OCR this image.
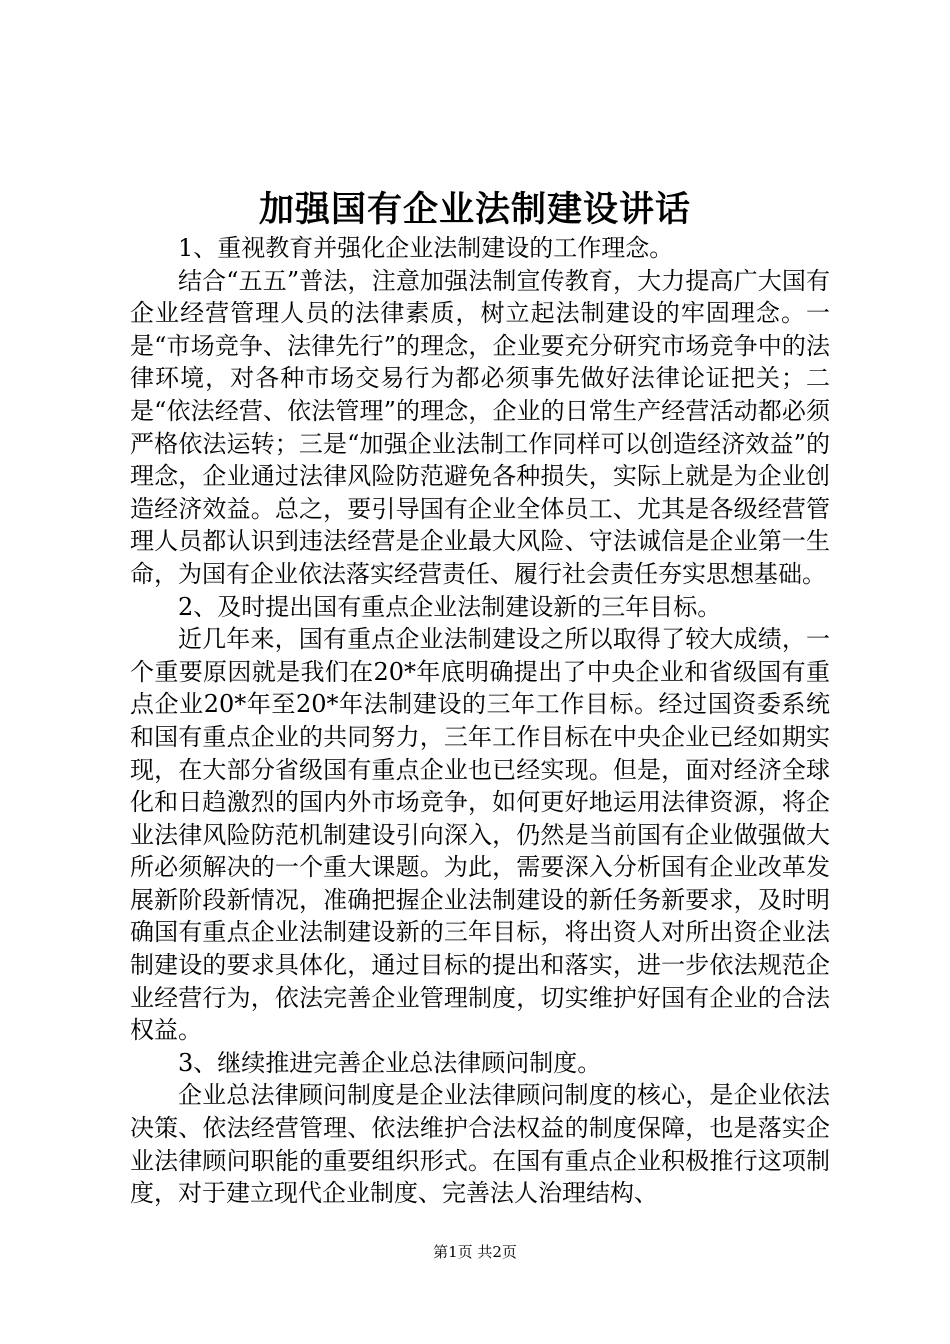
加强国有企业法制建设讲话

1、重视教育并强化企业法制建设的工作理念。

结合“五五”普法，注意加强法制宣传教育，大力提高广大国有企业经营管理人员的法律素质，树立起法制建设的牢固理念。一是“市场竞争、法律先行”的理念，企业要充分研究市场竞争中的法律环境，对各种市场交易行为都必须事先做好法律论证把关；二是“依法经营、依法管理”的理念，企业的日常生产经营活动都必须严格依法运转；三是“加强企业法制工作同样可以创造经济效益”的理念，企业通过法律风险防范避免各种损失，实际上就是为企业创造经济效益。总之，要引导国有企业全体员工、尤其是各级经营管理人员都认识到违法经营是企业最大风险、守法诚信是企业第一生命，为国有企业依法落实经营责任、履行社会责任夯实思想基础。

2、及时提出国有重点企业法制建设新的三年目标。

近几年来，国有重点企业法制建设之所以取得了较大成绩，一个重要原因就是我们在20*年底明确提出了中央企业和省级国有重点企业20*年至20*年法制建设的三年工作目标。经过国资委系统和国有重点企业的共同努力，三年工作目标在中央企业已经如期实现，在大部分省级国有重点企业也已经实现。但是，面对经济全球化和日趋激烈的国内外市场竞争，如何更好地运用法律资源，将企业法律风险防范机制建设引向深入，仍然是当前国有企业做强做大所必须解决的一个重大课题。为此，需要深入分析国有企业改革发展新阶段新情况，准确把握企业法制建设的新任务新要求，及时明确国有重点企业法制建设新的三年目标，将出资人对所出资企业法制建设的要求具体化，通过目标的提出和落实，进一步依法规范企业经营行为，依法完善企业管理制度，切实维护好国有企业的合法权益。

3、继续推进完善企业总法律顾问制度。

企业总法律顾问制度是企业法律顾问制度的核心，是企业依法决策、依法经营管理、依法维护合法权益的制度保障，也是落实企业法律顾问职能的重要组织形式。在国有重点企业积极推行这项制度，对于建立现代企业制度、完善法人治理结构、

第1页 共2页
